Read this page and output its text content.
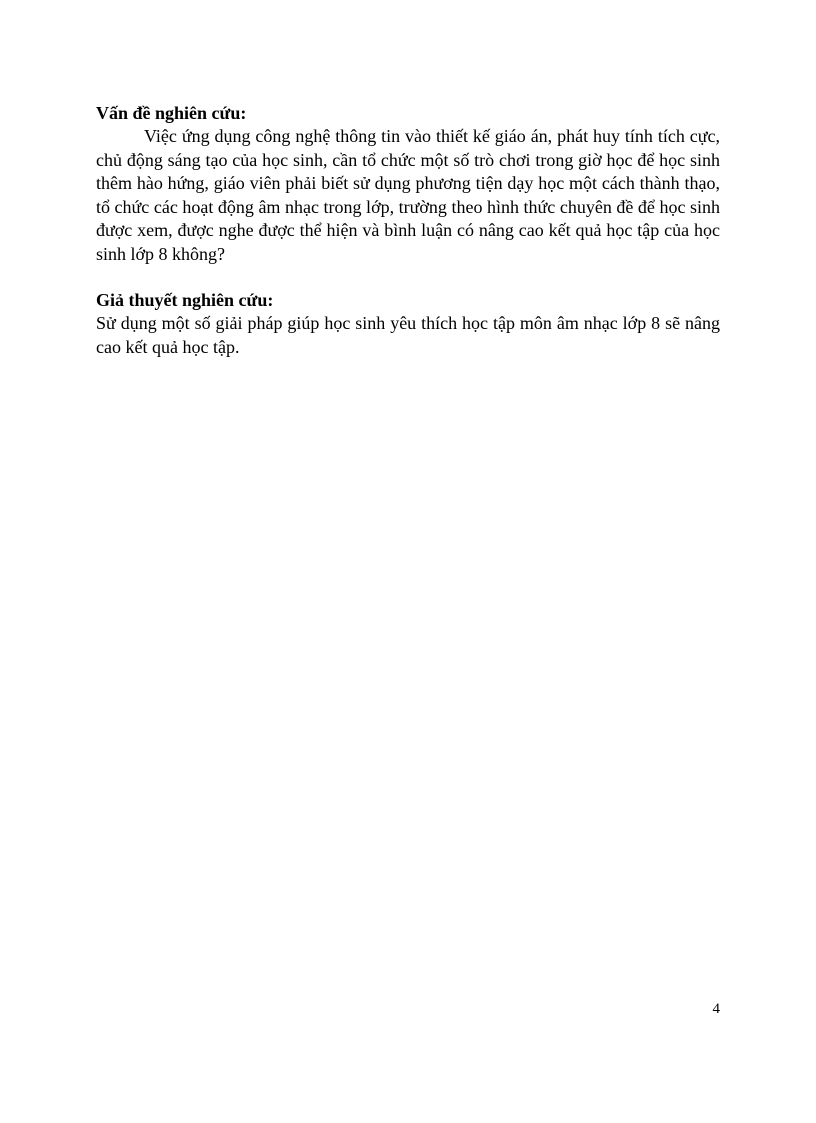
Vấn đề nghiên cứu:

Việc ứng dụng công nghệ thông tin vào thiết kế giáo án, phát huy tính tích cực, chủ động sáng tạo của học sinh, cần tổ chức một số trò chơi trong giờ học để học sinh thêm hào hứng, giáo viên phải biết sử dụng phương tiện dạy học một cách thành thạo, tổ chức các hoạt động âm nhạc trong lớp, trường theo hình thức chuyên đề để học sinh được xem, được nghe được thể hiện và bình luận có nâng cao kết quả học tập của học sinh lớp 8 không?

Giả thuyết nghiên cứu:

Sử dụng một số giải pháp giúp học sinh yêu thích học tập môn âm nhạc lớp 8 sẽ nâng cao kết quả học tập.

4
